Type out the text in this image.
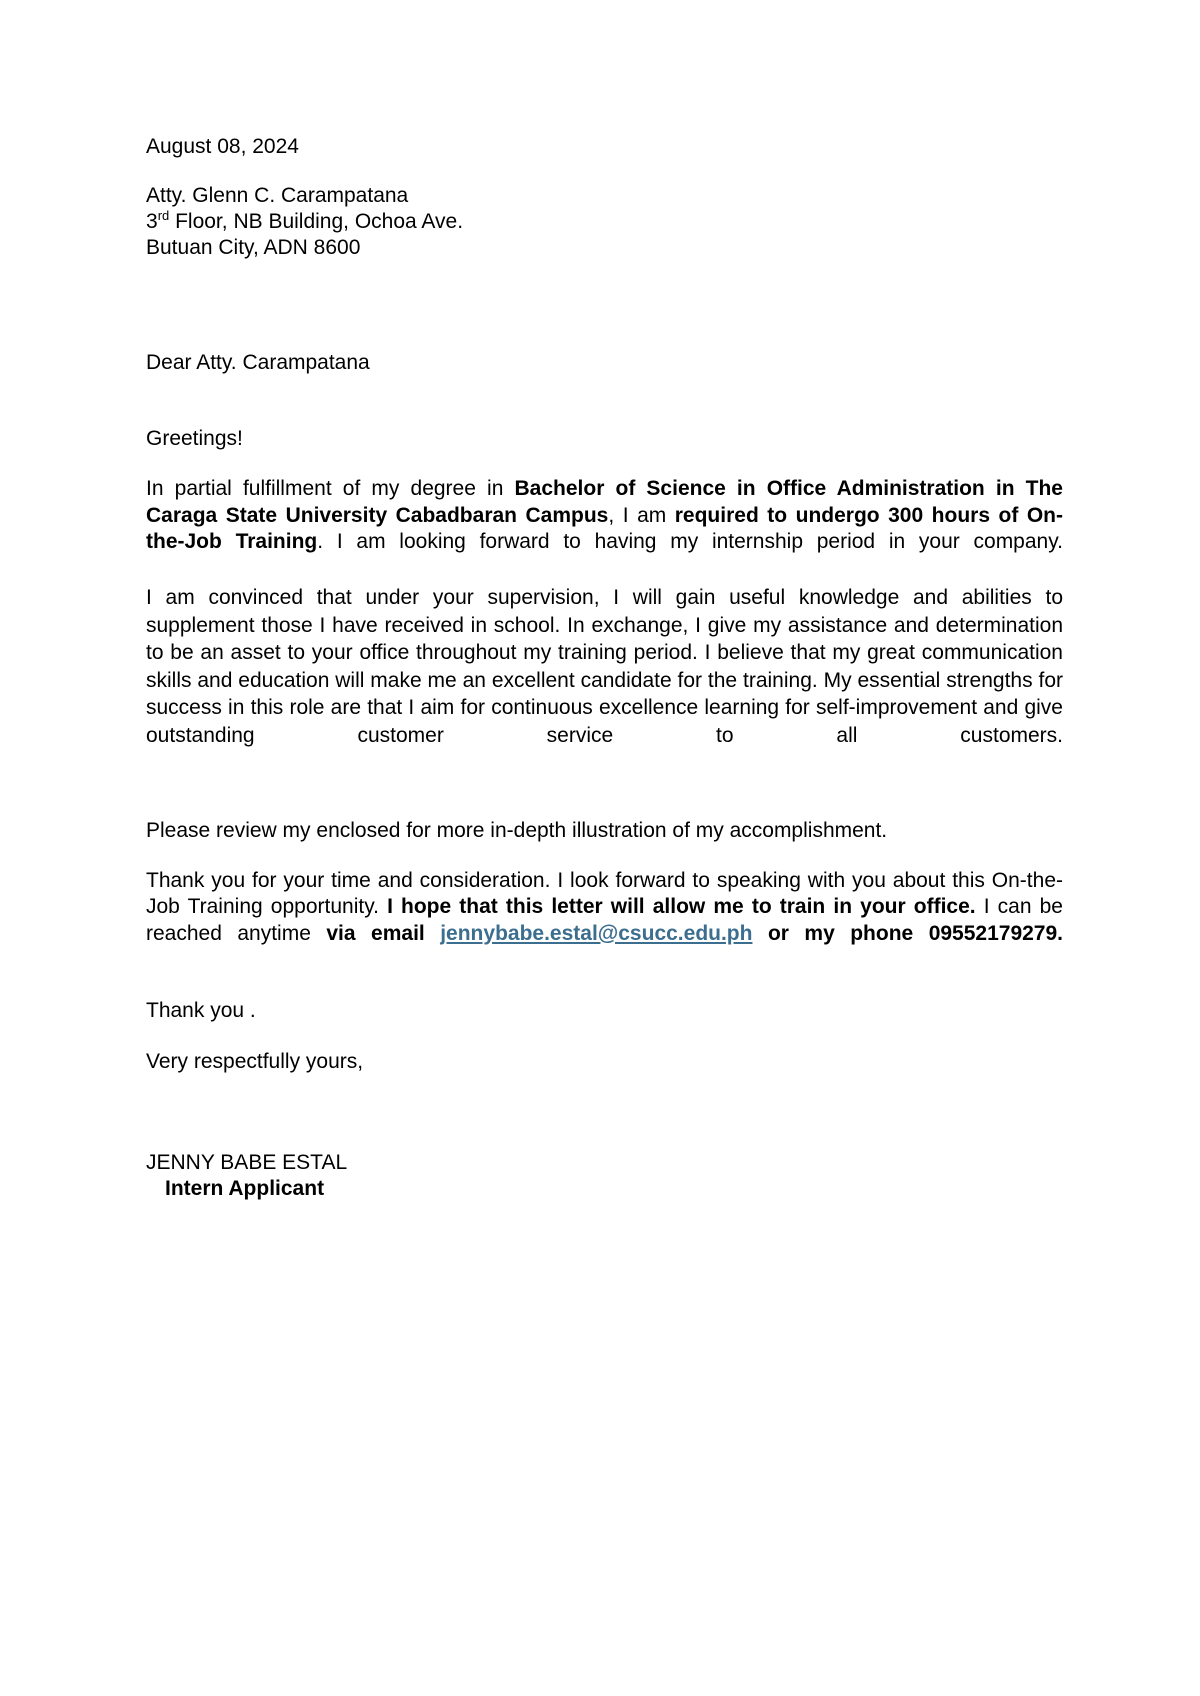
August 08, 2024
Atty. Glenn C. Carampatana
3rd Floor, NB Building, Ochoa Ave.
Butuan City, ADN 8600
Dear Atty. Carampatana
Greetings!
In partial fulfillment of my degree in Bachelor of Science in Office Administration in The Caraga State University Cabadbaran Campus, I am required to undergo 300 hours of On-the-Job Training. I am looking forward to having my internship period in your company.
I am convinced that under your supervision, I will gain useful knowledge and abilities to supplement those I have received in school. In exchange, I give my assistance and determination to be an asset to your office throughout my training period. I believe that my great communication skills and education will make me an excellent candidate for the training. My essential strengths for success in this role are that I aim for continuous excellence learning for self-improvement and give outstanding customer service to all customers.
Please review my enclosed for more in-depth illustration of my accomplishment.
Thank you for your time and consideration. I look forward to speaking with you about this On-the-Job Training opportunity. I hope that this letter will allow me to train in your office. I can be reached anytime via email jennybabe.estal@csucc.edu.ph or my phone 09552179279.
Thank you .
Very respectfully yours,
JENNY BABE ESTAL
Intern Applicant
